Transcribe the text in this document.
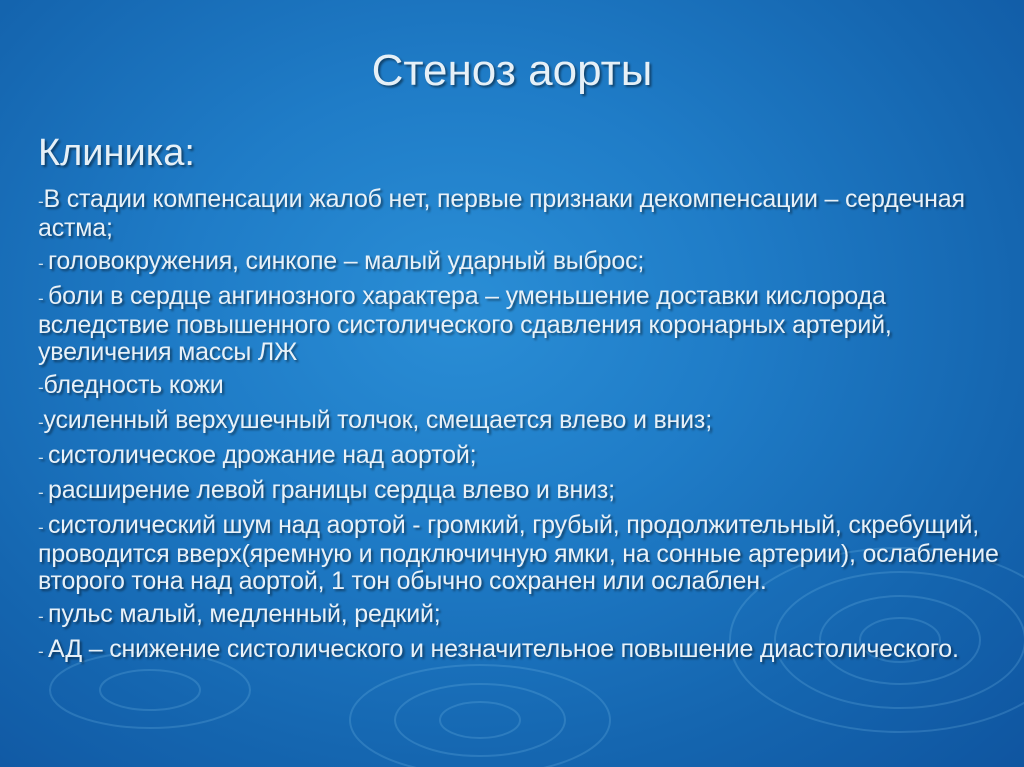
Стеноз аорты
Клиника:
-В стадии компенсации жалоб нет, первые признаки декомпенсации – сердечная астма;
- головокружения, синкопе – малый ударный выброс;
- боли в сердце ангинозного характера – уменьшение доставки кислорода вследствие повышенного систолического сдавления коронарных артерий, увеличения массы ЛЖ
-бледность кожи
-усиленный верхушечный толчок, смещается влево и вниз;
- систолическое дрожание над аортой;
- расширение левой границы сердца влево и вниз;
- систолический шум над аортой - громкий, грубый, продолжительный, скребущий, проводится вверх(яремную и подключичную ямки, на сонные артерии), ослабление второго тона над аортой, 1 тон обычно сохранен или ослаблен.
- пульс малый, медленный, редкий;
- АД – снижение систолического и незначительное повышение диастолического.
